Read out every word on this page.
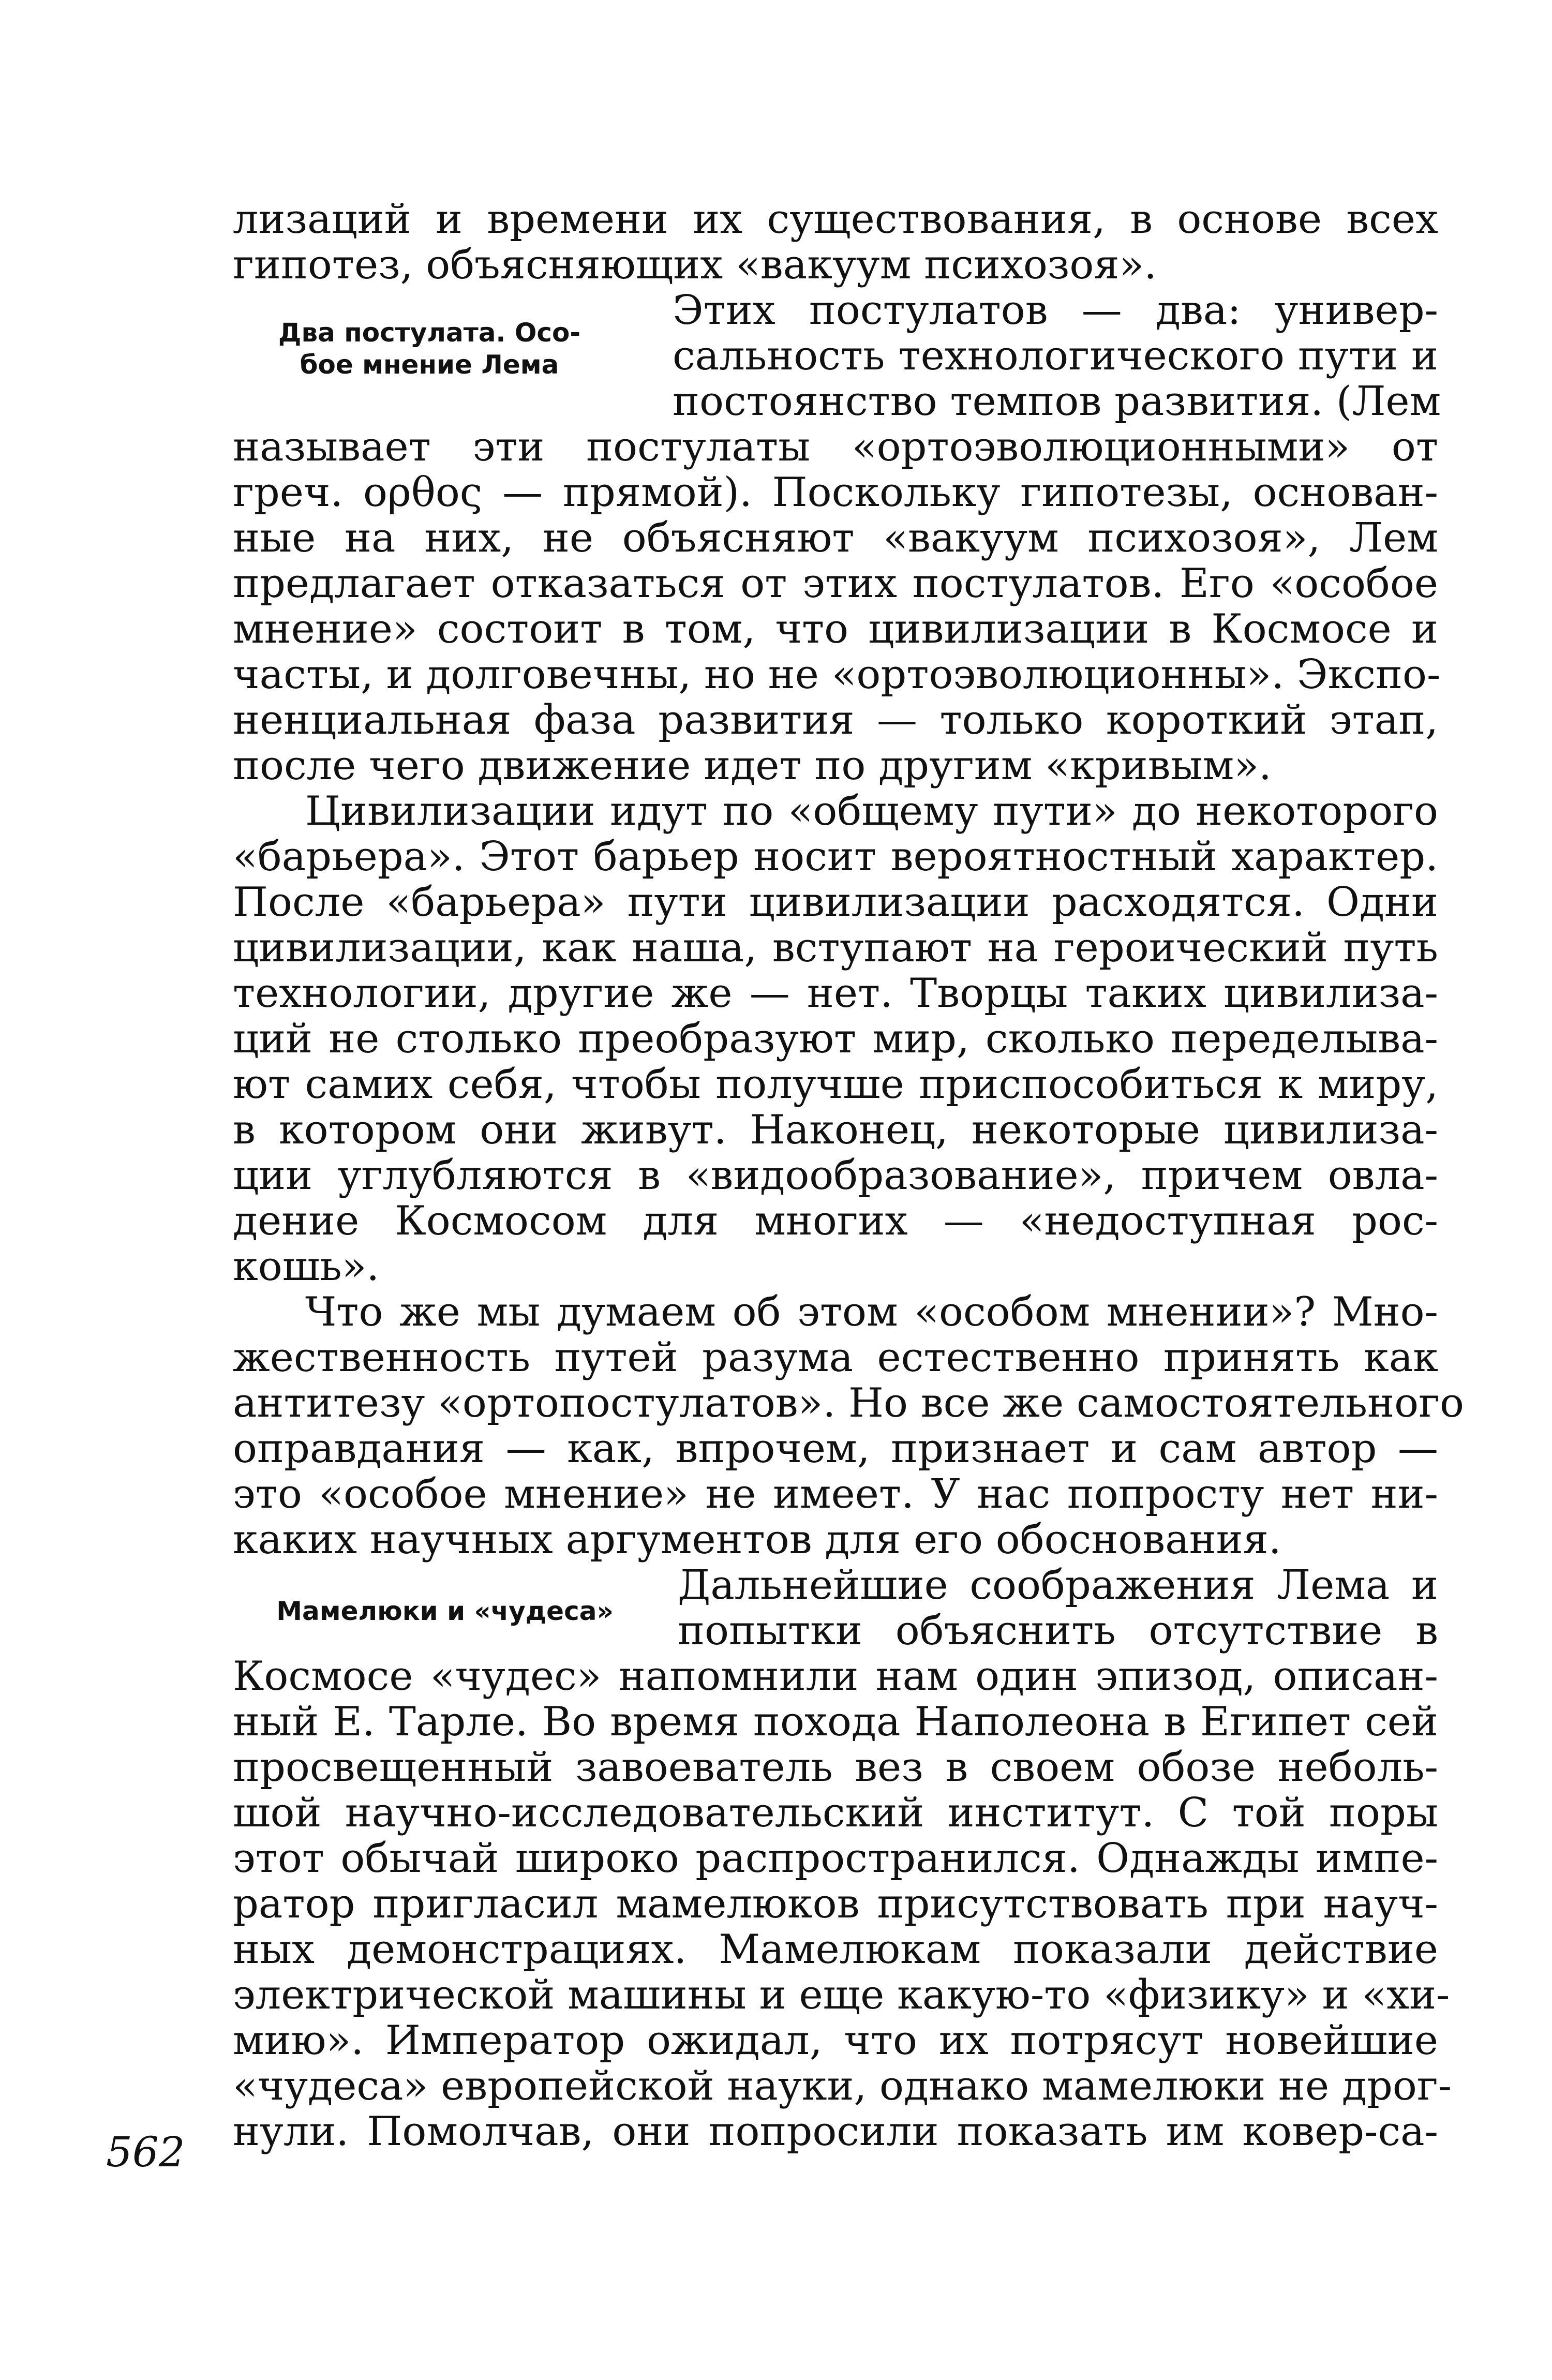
Два постулата. Осо-
бое мнение Лема
Мамелюки и «чудеса»
лизаций и времени их существования, в основе всех
гипотез, объясняющих «вакуум психозоя».
Этих постулатов — два: универ-
сальность технологического пути и
постоянство темпов развития. (Лем
называет эти постулаты «ортоэволюционными» от
греч. ορθος — прямой). Поскольку гипотезы, основан-
ные на них, не объясняют «вакуум психозоя», Лем
предлагает отказаться от этих постулатов. Его «особое
мнение» состоит в том, что цивилизации в Космосе и
часты, и долговечны, но не «ортоэволюционны». Экспо-
ненциальная фаза развития — только короткий этап,
после чего движение идет по другим «кривым».
Цивилизации идут по «общему пути» до некоторого
«барьера». Этот барьер носит вероятностный характер.
После «барьера» пути цивилизации расходятся. Одни
цивилизации, как наша, вступают на героический путь
технологии, другие же — нет. Творцы таких цивилиза-
ций не столько преобразуют мир, сколько переделыва-
ют самих себя, чтобы получше приспособиться к миру,
в котором они живут. Наконец, некоторые цивилиза-
ции углубляются в «видообразование», причем овла-
дение Космосом для многих — «недоступная рос-
кошь».
Что же мы думаем об этом «особом мнении»? Мно-
жественность путей разума естественно принять как
антитезу «ортопостулатов». Но все же самостоятельного
оправдания — как, впрочем, признает и сам автор —
это «особое мнение» не имеет. У нас попросту нет ни-
каких научных аргументов для его обоснования.
Дальнейшие соображения Лема и
попытки объяснить отсутствие в
Космосе «чудес» напомнили нам один эпизод, описан-
ный Е. Тарле. Во время похода Наполеона в Египет сей
просвещенный завоеватель вез в своем обозе неболь-
шой научно-исследовательский институт. С той поры
этот обычай широко распространился. Однажды импе-
ратор пригласил мамелюков присутствовать при науч-
ных демонстрациях. Мамелюкам показали действие
электрической машины и еще какую-то «физику» и «хи-
мию». Император ожидал, что их потрясут новейшие
«чудеса» европейской науки, однако мамелюки не дрог-
нули. Помолчав, они попросили показать им ковер-са-
562
